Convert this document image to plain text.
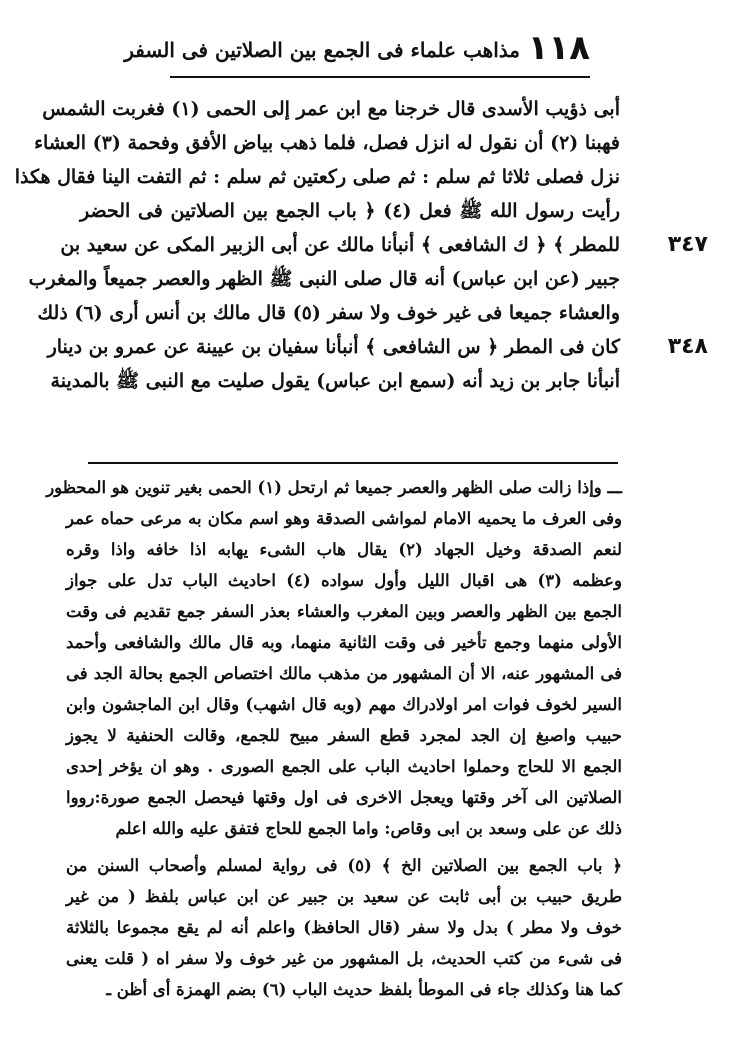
١١٨
مذاهب علماء فى الجمع بين الصلاتين فى السفر
أبى ذؤيب الأسدى قال خرجنا مع ابن عمر إلى الحمى (١) فغربت الشمس
فهبنا (٢) أن نقول له انزل فصل، فلما ذهب بياض الأفق وفحمة (٣) العشاء
نزل فصلى ثلاثا ثم سلم : ثم صلى ركعتين ثم سلم : ثم التفت الينا فقال هكذا
رأيت رسول الله ﷺ فعل (٤) ﴿ باب الجمع بين الصلاتين فى الحضر
٣٤٧
للمطر ﴾ ﴿ ك الشافعى ﴾ أنبأنا مالك عن أبى الزبير المكى عن سعيد بن
جبير (عن ابن عباس) أنه قال صلى النبى ﷺ الظهر والعصر جميعاً والمغرب
والعشاء جميعا فى غير خوف ولا سفر (٥) قال مالك بن أنس أرى (٦) ذلك
٣٤٨
كان فى المطر ﴿ س الشافعى ﴾ أنبأنا سفيان بن عيينة عن عمرو بن دينار
أنبأنا جابر بن زيد أنه (سمع ابن عباس) يقول صليت مع النبى ﷺ بالمدينة
ـــ وإذا زالت صلى الظهر والعصر جميعا ثم ارتحل (١) الحمى بغير تنوين هو المحظور
وفى العرف ما يحميه الامام لمواشى الصدقة وهو اسم مكان به مرعى حماه عمر
لنعم الصدقة وخيل الجهاد (٢) يقال هاب الشىء يهابه اذا خافه واذا وقره
وعظمه (٣) هى اقبال الليل وأول سواده (٤) احاديث الباب تدل على جواز
الجمع بين الظهر والعصر وبين المغرب والعشاء بعذر السفر جمع تقديم فى وقت
الأولى منهما وجمع تأخير فى وقت الثانية منهما، وبه قال مالك والشافعى وأحمد
فى المشهور عنه، الا أن المشهور من مذهب مالك اختصاص الجمع بحالة الجد فى
السير لخوف فوات امر اولادراك مهم (وبه قال اشهب) وقال ابن الماجشون وابن
حبيب واصبغ إن الجد لمجرد قطع السفر مبيح للجمع، وقالت الحنفية لا يجوز
الجمع الا للحاج وحملوا احاديث الباب على الجمع الصورى . وهو ان يؤخر إحدى
الصلاتين الى آخر وقتها ويعجل الاخرى فى اول وقتها فيحصل الجمع صورة:رووا
ذلك عن على وسعد بن ابى وقاص: واما الجمع للحاج فتفق عليه والله اعلم
﴿ باب الجمع بين الصلاتين الخ ﴾ (٥) فى رواية لمسلم وأصحاب السنن من
طريق حبيب بن أبى ثابت عن سعيد بن جبير عن ابن عباس بلفظ ( من غير
خوف ولا مطر ) بدل ولا سفر (قال الحافظ) واعلم أنه لم يقع مجموعا بالثلاثة
فى شىء من كتب الحديث، بل المشهور من غير خوف ولا سفر اه ( قلت يعنى
كما هنا وكذلك جاء فى الموطأ بلفظ حديث الباب (٦) بضم الهمزة أى أظن ـ
